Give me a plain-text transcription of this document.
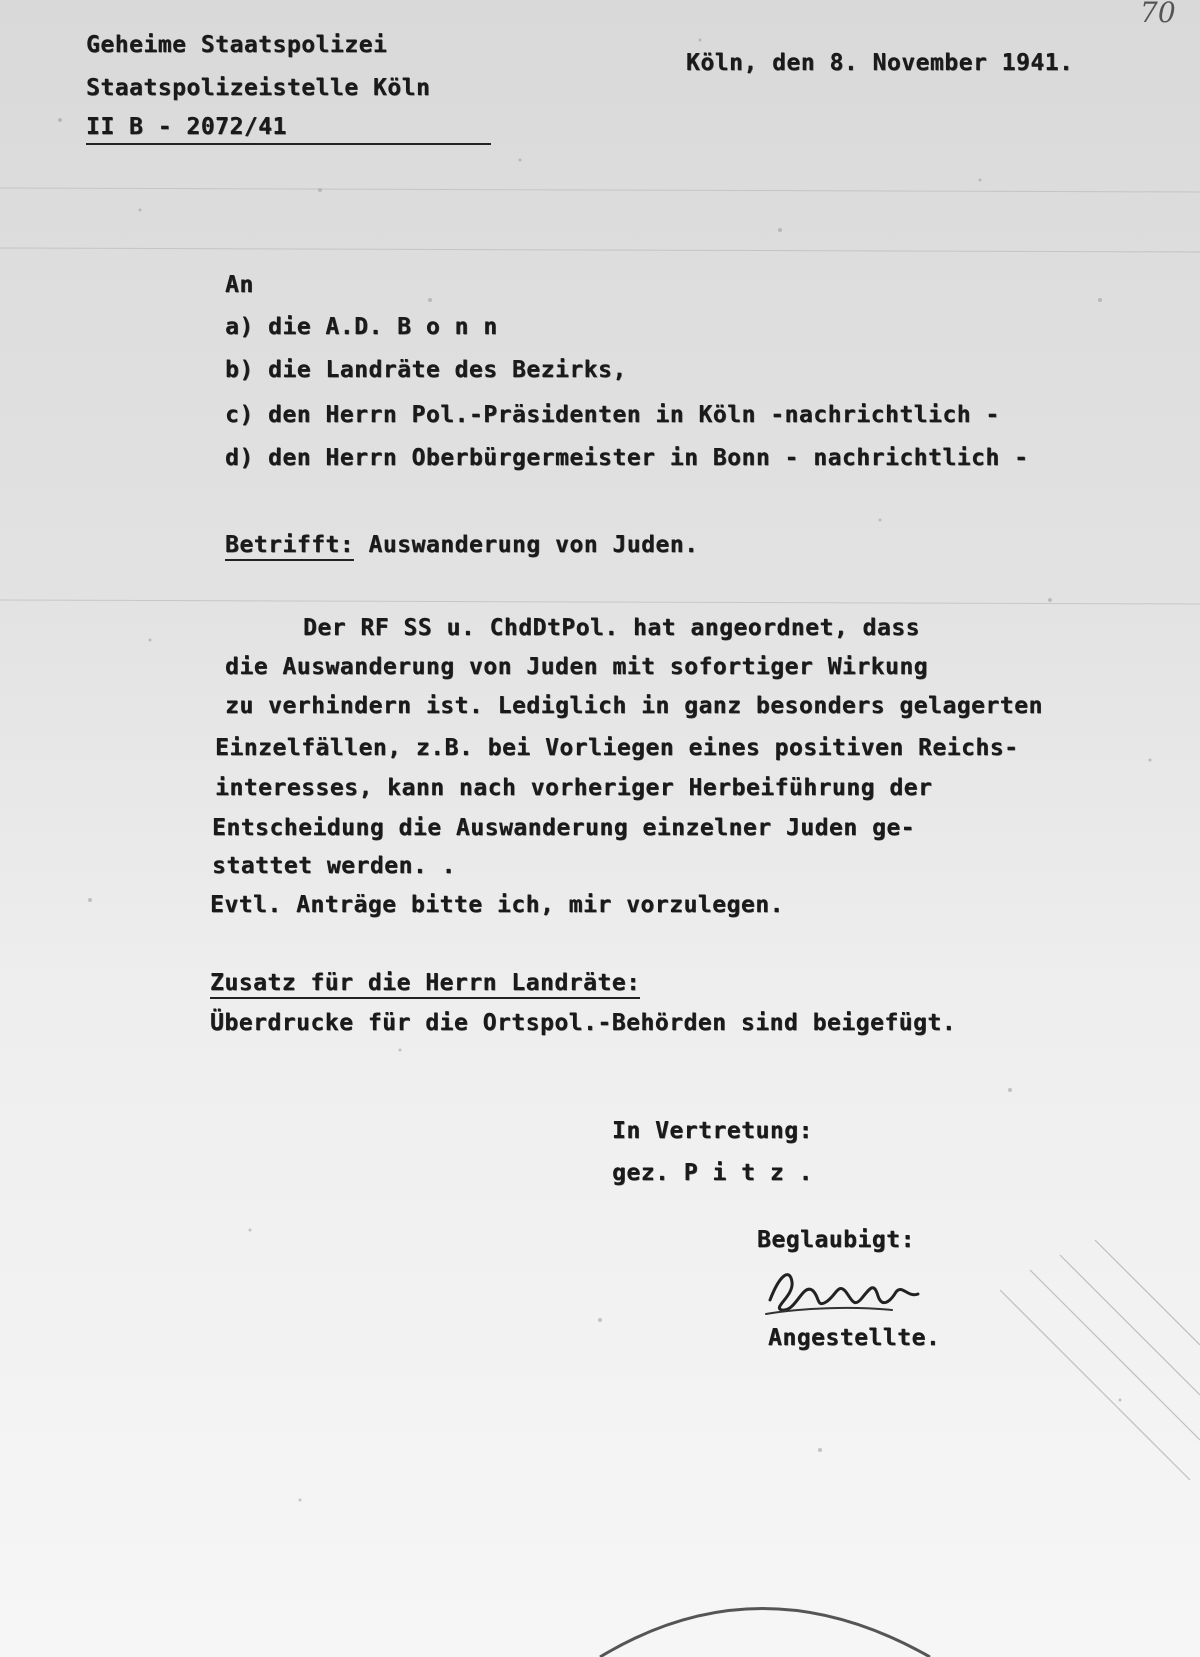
70
Geheime Staatspolizei
Staatspolizeistelle Köln
II B - 2072/41
Köln, den 8. November 1941.
An
a) die A.D. B o n n
b) die Landräte des Bezirks,
c) den Herrn Pol.-Präsidenten in Köln -nachrichtlich -
d) den Herrn Oberbürgermeister in Bonn - nachrichtlich -
Betrifft: Auswanderung von Juden.
Der RF SS u. ChdDtPol. hat angeordnet, dass
die Auswanderung von Juden mit sofortiger Wirkung
zu verhindern ist. Lediglich in ganz besonders gelagerten
Einzelfällen, z.B. bei Vorliegen eines positiven Reichs-
interesses, kann nach vorheriger Herbeiführung der
Entscheidung die Auswanderung einzelner Juden ge-
stattet werden. .
Evtl. Anträge bitte ich, mir vorzulegen.
Zusatz für die Herrn Landräte:
Überdrucke für die Ortspol.-Behörden sind beigefügt.
In Vertretung:
gez. P i t z .
Beglaubigt:
Angestellte.
